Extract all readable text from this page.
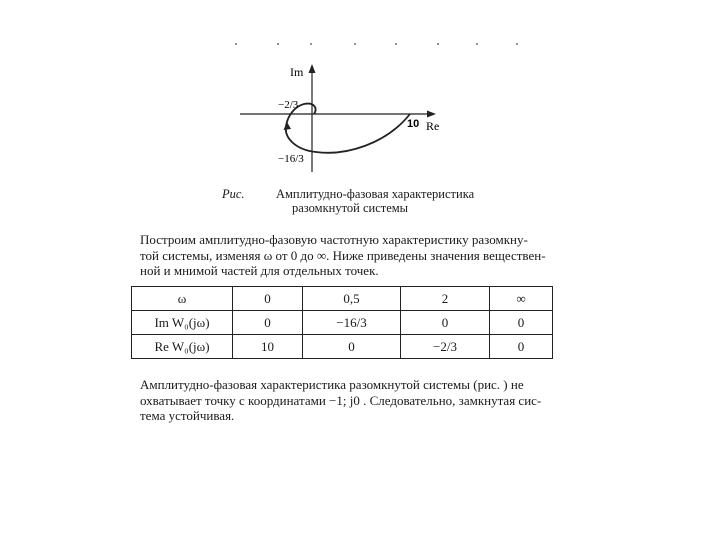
Im
−2/3
10 Re
−16/3
Рис.	Амплитудно-фазовая характеристика
разомкнутой системы
Построим амплитудно-фазовую частотную характеристику разомкну-
той системы, изменяя ω от 0 до ∞. Ниже приведены значения веществен-
ной и мнимой частей для отдельных точек.
ω	0	0,5	2	∞
Im W₀(jω)	0	−16/3	0	0
Re W₀(jω)	10	0	−2/3	0
Амплитудно-фазовая характеристика разомкнутой системы (рис. ) не
охватывает точку с координатами −1; j0 . Следовательно, замкнутая сис-
тема устойчивая.
